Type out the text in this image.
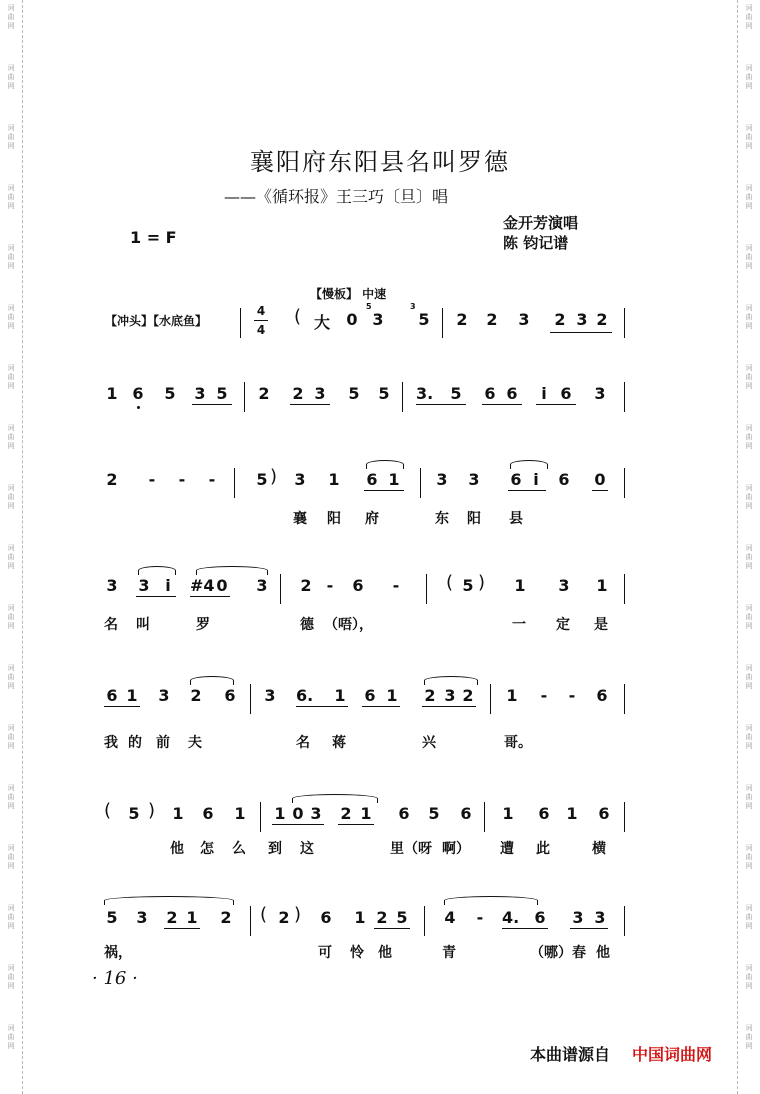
词
曲
网
词
曲
网
词
曲
网
词
曲
网
词
曲
网
词
曲
网
词
曲
网
词
曲
网
词
曲
网
词
曲
网
词
曲
网
词
曲
网
词
曲
网
词
曲
网
词
曲
网
词
曲
网
词
曲
网
词
曲
网
词
曲
网
词
曲
网
词
曲
网
词
曲
网
词
曲
网
词
曲
网
词
曲
网
词
曲
网
词
曲
网
词
曲
网
词
曲
网
词
曲
网
词
曲
网
词
曲
网
词
曲
网
词
曲
网
词
曲
网
词
曲
网
襄阳府东阳县名叫罗德
——《循环报》王三巧〔旦〕唱
1 = F
金开芳演唱
陈 钧记谱
【慢板】 中速
【冲头】【水底鱼】
4
4
( 大 0
5
3
3
5 2 2 3 2 3 2
1 6 5 3 5 2 2 3 5 5 3. 5 6 6	i 6 3
2 - - -	5 ) 3 1 6 1 3 3 6 i	6 0
襄 阳 府	东 阳 县
3 3 i	#4 0 3 2 - 6 -	( 5 ) 1 3 1
名 叫	罗	德 （唔），	一 定 是
6 1 3 2 6 3 6. 1 6 1 2 3 2 1 - - 6
我 的 前 夫	名 蒋	兴	哥。
( 5 ) 1 6 1 1 0 3 2 1 6 5 6 1 6 1 6
他 怎 么 到 这	里（呀 啊） 遭 此	横
5 3 2 1 2 ( 2 ) 6 1 2 5 4 - 4. 6 3 3
祸，	可 怜 他	青	（哪）春 他
· 16 ·
本曲谱源自 中国词曲网
